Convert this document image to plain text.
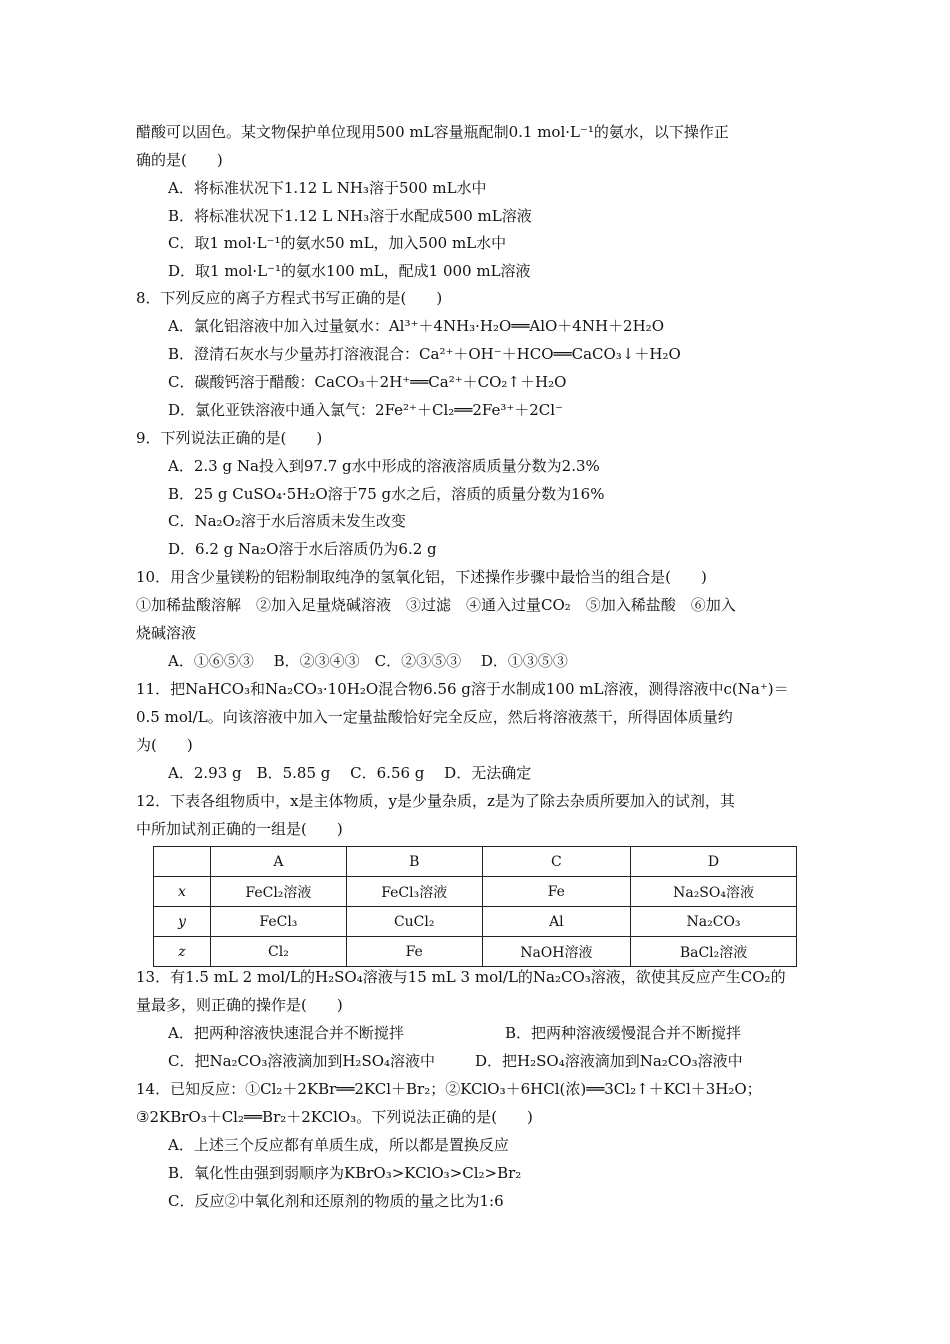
醋酸可以固色。某文物保护单位现用500 mL容量瓶配制0.1 mol·L⁻¹的氨水，以下操作正
确的是(　　)
A．将标准状况下1.12 L NH₃溶于500 mL水中
B．将标准状况下1.12 L NH₃溶于水配成500 mL溶液
C．取1 mol·L⁻¹的氨水50 mL，加入500 mL水中
D．取1 mol·L⁻¹的氨水100 mL，配成1 000 mL溶液
8．下列反应的离子方程式书写正确的是(　　)
A．氯化铝溶液中加入过量氨水：Al³⁺＋4NH₃·H₂O══AlO＋4NH＋2H₂O
B．澄清石灰水与少量苏打溶液混合：Ca²⁺＋OH⁻＋HCO══CaCO₃↓＋H₂O
C．碳酸钙溶于醋酸：CaCO₃＋2H⁺══Ca²⁺＋CO₂↑＋H₂O
D．氯化亚铁溶液中通入氯气：2Fe²⁺＋Cl₂══2Fe³⁺＋2Cl⁻
9．下列说法正确的是(　　)
A．2.3 g Na投入到97.7 g水中形成的溶液溶质质量分数为2.3%
B．25 g CuSO₄·5H₂O溶于75 g水之后，溶质的质量分数为16%
C．Na₂O₂溶于水后溶质未发生改变
D．6.2 g Na₂O溶于水后溶质仍为6.2 g
10．用含少量镁粉的铝粉制取纯净的氢氧化铝，下述操作步骤中最恰当的组合是(　　)
①加稀盐酸溶解　②加入足量烧碱溶液　③过滤　④通入过量CO₂　⑤加入稀盐酸　⑥加入
烧碱溶液
A．①⑥⑤③　 B．②③④③　C．②③⑤③　 D．①③⑤③
11．把NaHCO₃和Na₂CO₃·10H₂O混合物6.56 g溶于水制成100 mL溶液，测得溶液中c(Na⁺)＝
0.5 mol/L。向该溶液中加入一定量盐酸恰好完全反应，然后将溶液蒸干，所得固体质量约
为(　　)
A．2.93 g　B．5.85 g　 C．6.56 g　 D．无法确定
12．下表各组物质中，x是主体物质，y是少量杂质，z是为了除去杂质所要加入的试剂，其
中所加试剂正确的一组是(　　)
	A	B	C	D
x	FeCl₂溶液	FeCl₃溶液	Fe	Na₂SO₄溶液
y	FeCl₃	CuCl₂	Al	Na₂CO₃
z	Cl₂	Fe	NaOH溶液	BaCl₂溶液
13．有1.5 mL 2 mol/L的H₂SO₄溶液与15 mL 3 mol/L的Na₂CO₃溶液，欲使其反应产生CO₂的
量最多，则正确的操作是(　　)
A．把两种溶液快速混合并不断搅拌	B．把两种溶液缓慢混合并不断搅拌
C．把Na₂CO₃溶液滴加到H₂SO₄溶液中	D．把H₂SO₄溶液滴加到Na₂CO₃溶液中
14．已知反应：①Cl₂＋2KBr══2KCl＋Br₂；②KClO₃＋6HCl(浓)══3Cl₂↑＋KCl＋3H₂O；
③2KBrO₃＋Cl₂══Br₂＋2KClO₃。下列说法正确的是(　　)
A．上述三个反应都有单质生成，所以都是置换反应
B．氧化性由强到弱顺序为KBrO₃>KClO₃>Cl₂>Br₂
C．反应②中氧化剂和还原剂的物质的量之比为1:6
